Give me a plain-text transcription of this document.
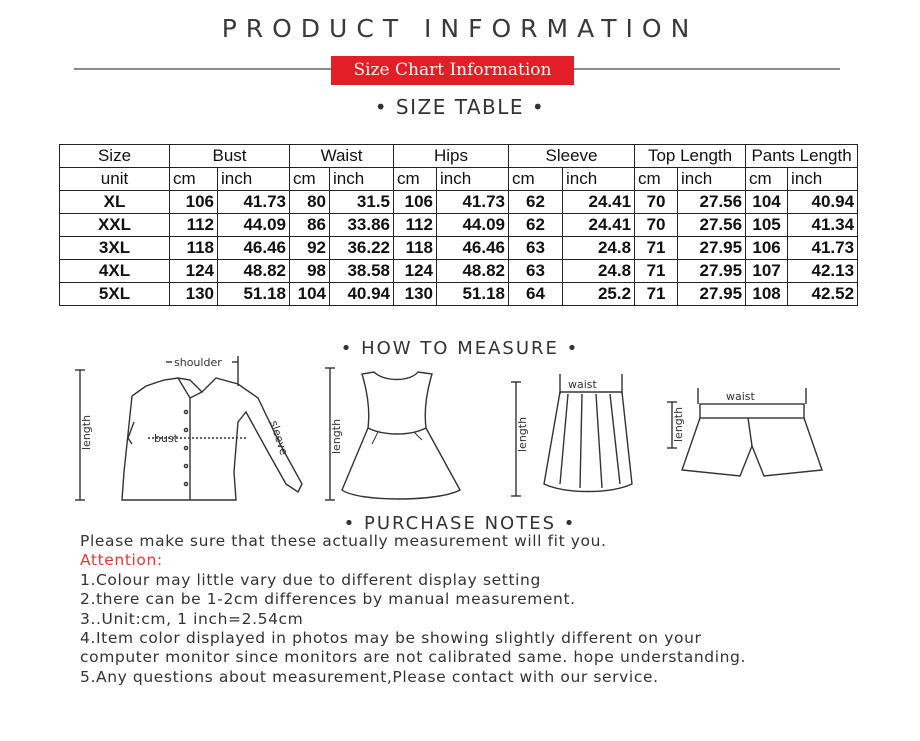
PRODUCT INFORMATION
Size Chart Information
• SIZE TABLE •
Size	Bust		Waist		Hips		Sleeve		Top Length		Pants Length	
unit	cm	inch	cm	inch	cm	inch	cm	inch	cm	inch	cm	inch
XL	106	41.73	80	31.5	106	41.73	62	24.41	70	27.56	104	40.94
XXL	112	44.09	86	33.86	112	44.09	62	24.41	70	27.56	105	41.34
3XL	118	46.46	92	36.22	118	46.46	63	24.8	71	27.95	106	41.73
4XL	124	48.82	98	38.58	124	48.82	63	24.8	71	27.95	107	42.13
5XL	130	51.18	104	40.94	130	51.18	64	25.2	71	27.95	108	42.52
• HOW TO MEASURE •
length
shoulder
bust	sleeve	length	length
waist
length
waist
• PURCHASE NOTES •
Please make sure that these actually measurement will fit you.
Attention:
1.Colour may little vary due to different display setting
2.there can be 1-2cm differences by manual measurement.
3..Unit:cm, 1 inch=2.54cm
4.Item color displayed in photos may be showing slightly different on your
computer monitor since monitors are not calibrated same. hope understanding.
5.Any questions about measurement,Please contact with our service.
